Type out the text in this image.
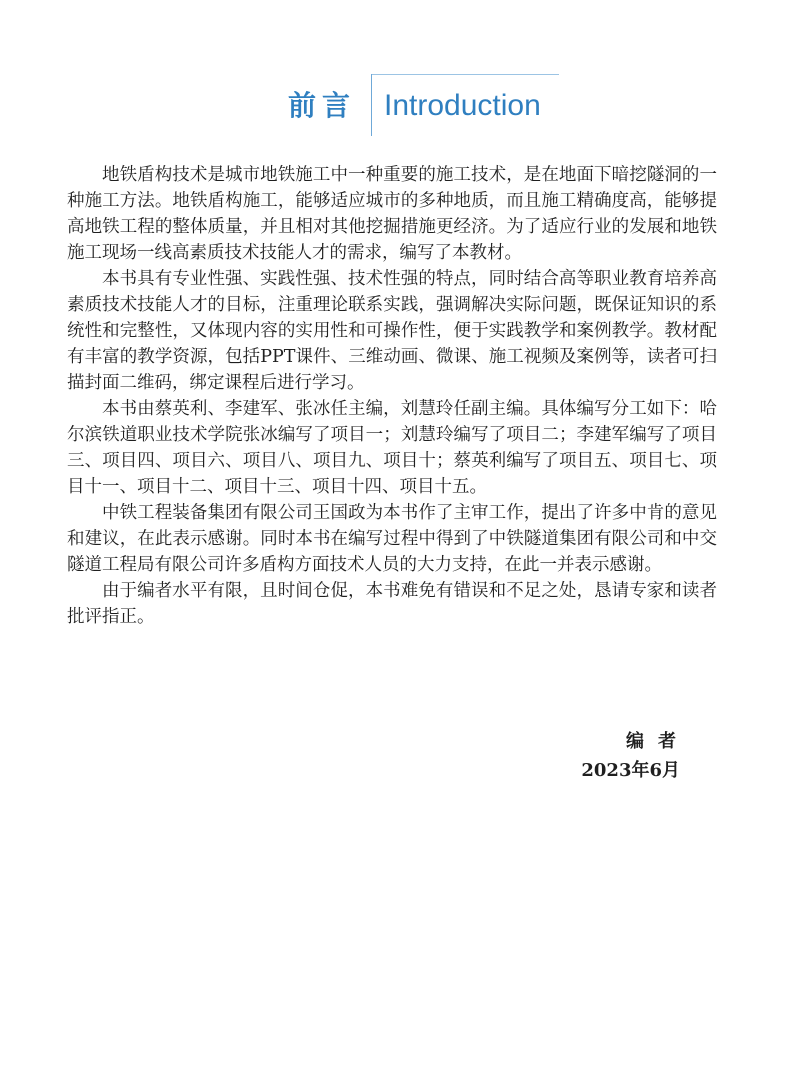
前言 Introduction

地铁盾构技术是城市地铁施工中一种重要的施工技术，是在地面下暗挖隧洞的一种施工方法。地铁盾构施工，能够适应城市的多种地质，而且施工精确度高，能够提高地铁工程的整体质量，并且相对其他挖掘措施更经济。为了适应行业的发展和地铁施工现场一线高素质技术技能人才的需求，编写了本教材。

本书具有专业性强、实践性强、技术性强的特点，同时结合高等职业教育培养高素质技术技能人才的目标，注重理论联系实践，强调解决实际问题，既保证知识的系统性和完整性，又体现内容的实用性和可操作性，便于实践教学和案例教学。教材配有丰富的教学资源，包括PPT课件、三维动画、微课、施工视频及案例等，读者可扫描封面二维码，绑定课程后进行学习。

本书由蔡英利、李建军、张冰任主编，刘慧玲任副主编。具体编写分工如下：哈尔滨铁道职业技术学院张冰编写了项目一；刘慧玲编写了项目二；李建军编写了项目三、项目四、项目六、项目八、项目九、项目十；蔡英利编写了项目五、项目七、项目十一、项目十二、项目十三、项目十四、项目十五。

中铁工程装备集团有限公司王国政为本书作了主审工作，提出了许多中肯的意见和建议，在此表示感谢。同时本书在编写过程中得到了中铁隧道集团有限公司和中交隧道工程局有限公司许多盾构方面技术人员的大力支持，在此一并表示感谢。

由于编者水平有限，且时间仓促，本书难免有错误和不足之处，恳请专家和读者批评指正。

编者
2023年6月
